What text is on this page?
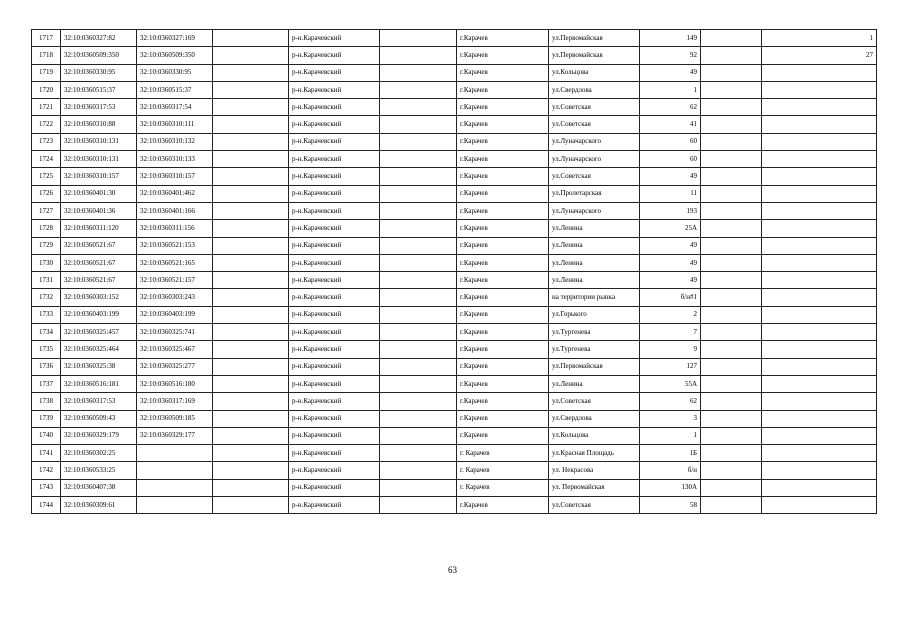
1717	32:10:0360327:82	32:10:0360327:169		р-н.Карачевский		г.Карачев	ул.Первомайская	149		1
1718	32:10:0360509:350	32:10:0360509:350		р-н.Карачевский		г.Карачев	ул.Первомайская	92		27
1719	32:10:0360330:95	32:10:0360330:95		р-н.Карачевский		г.Карачев	ул.Кольцова	49		
1720	32:10:0360515:37	32:10:0360515:37		р-н.Карачевский		г.Карачев	ул.Свердлова	1		
1721	32:10:0360317:53	32:10:0360317:54		р-н.Карачевский		г.Карачев	ул.Советская	62		
1722	32:10:0360310:88	32:10:0360310:111		р-н.Карачевский		г.Карачев	ул.Советская	41		
1723	32:10:0360310:131	32:10:0360310:132		р-н.Карачевский		г.Карачев	ул.Луначарского	60		
1724	32:10:0360310:131	32:10:0360310:133		р-н.Карачевский		г.Карачев	ул.Луначарского	60		
1725	32:10:0360310:157	32:10:0360310:157		р-н.Карачевский		г.Карачев	ул.Советская	49		
1726	32:10:0360401:30	32:10:0360401:462		р-н.Карачевский		г.Карачев	ул.Пролетарская	11		
1727	32:10:0360401:36	32:10:0360401:166		р-н.Карачевский		г.Карачев	ул.Луначарского	193		
1728	32:10:0360311:120	32:10:0360311:156		р-н.Карачевский		г.Карачев	ул.Ленина	25А		
1729	32:10:0360521:67	32:10:0360521:153		р-н.Карачевский		г.Карачев	ул.Ленина	49		
1730	32:10:0360521:67	32:10:0360521:165		р-н.Карачевский		г.Карачев	ул.Ленина	49		
1731	32:10:0360521:67	32:10:0360521:157		р-н.Карачевский		г.Карачев	ул.Ленина	49		
1732	32:10:0360303:152	32:10:0360303:243		р-н.Карачевский		г.Карачев	на территории рынка	б/н#1		
1733	32:10:0360403:199	32:10:0360403:199		р-н.Карачевский		г.Карачев	ул.Горького	2		
1734	32:10:0360325:457	32:10:0360325:741		р-н.Карачевский		г.Карачев	ул.Тургенева	7		
1735	32:10:0360325:464	32:10:0360325:467		р-н.Карачевский		г.Карачев	ул.Тургенева	9		
1736	32:10:0360325:38	32:10:0360325:277		р-н.Карачевский		г.Карачев	ул.Первомайская	127		
1737	32:10:0360516:181	32:10:0360516:180		р-н.Карачевский		г.Карачев	ул.Ленина	55А		
1738	32:10:0360317:53	32:10:0360317:169		р-н.Карачевский		г.Карачев	ул.Советская	62		
1739	32:10:0360509:43	32:10:0360509:185		р-н.Карачевский		г.Карачев	ул.Свердлова	3		
1740	32:10:0360329:179	32:10:0360329:177		р-н.Карачевский		г.Карачев	ул.Кольцова	1		
1741	32:10:0360302:25			р-н.Карачевский		г. Карачев	ул.Красная Площадь	1Б		
1742	32:10:0360533:25			р-н.Карачевский		г. Карачев	ул. Некрасова	б/н		
1743	32:10:0360407:38			р-н.Карачевский		г. Карачев	ул. Первомайская	130А		
1744	32:10:0360309:61			р-н.Карачевский		г.Карачев	ул.Советская	58		
63
